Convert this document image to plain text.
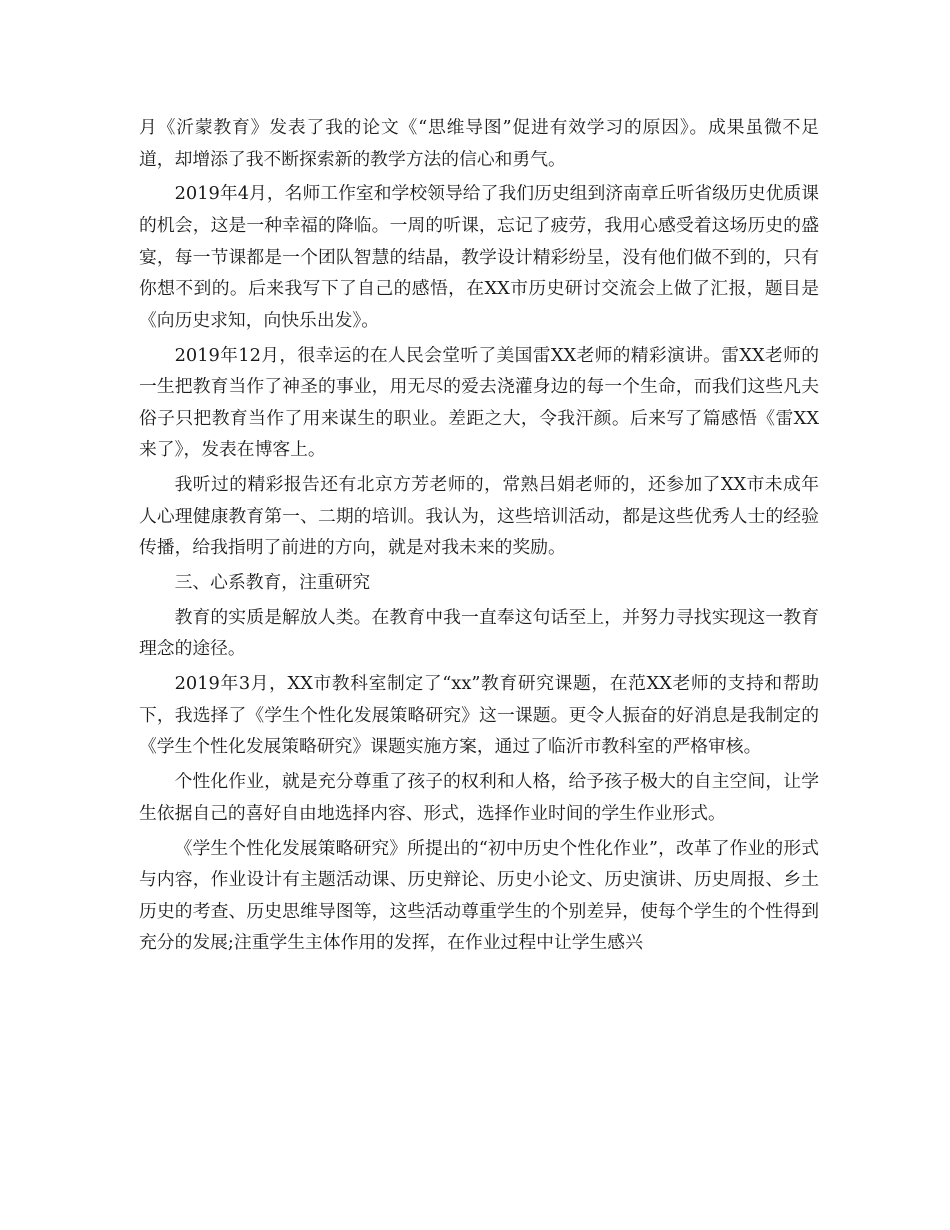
月《沂蒙教育》发表了我的论文《“思维导图”促进有效学习的原因》。成果虽微不足道，却增添了我不断探索新的教学方法的信心和勇气。

2019年4月，名师工作室和学校领导给了我们历史组到济南章丘听省级历史优质课的机会，这是一种幸福的降临。一周的听课，忘记了疲劳，我用心感受着这场历史的盛宴，每一节课都是一个团队智慧的结晶，教学设计精彩纷呈，没有他们做不到的，只有你想不到的。后来我写下了自己的感悟，在XX市历史研讨交流会上做了汇报，题目是《向历史求知，向快乐出发》。

2019年12月，很幸运的在人民会堂听了美国雷XX老师的精彩演讲。雷XX老师的一生把教育当作了神圣的事业，用无尽的爱去浇灌身边的每一个生命，而我们这些凡夫俗子只把教育当作了用来谋生的职业。差距之大，令我汗颜。后来写了篇感悟《雷XX来了》，发表在博客上。

我听过的精彩报告还有北京方芳老师的，常熟吕娟老师的，还参加了XX市未成年人心理健康教育第一、二期的培训。我认为，这些培训活动，都是这些优秀人士的经验传播，给我指明了前进的方向，就是对我未来的奖励。

三、心系教育，注重研究

教育的实质是解放人类。在教育中我一直奉这句话至上，并努力寻找实现这一教育理念的途径。

2019年3月，XX市教科室制定了“xx”教育研究课题，在范XX老师的支持和帮助下，我选择了《学生个性化发展策略研究》这一课题。更令人振奋的好消息是我制定的《学生个性化发展策略研究》课题实施方案，通过了临沂市教科室的严格审核。

个性化作业，就是充分尊重了孩子的权利和人格，给予孩子极大的自主空间，让学生依据自己的喜好自由地选择内容、形式，选择作业时间的学生作业形式。

《学生个性化发展策略研究》所提出的“初中历史个性化作业”，改革了作业的形式与内容，作业设计有主题活动课、历史辩论、历史小论文、历史演讲、历史周报、乡土历史的考查、历史思维导图等，这些活动尊重学生的个别差异，使每个学生的个性得到充分的发展;注重学生主体作用的发挥，在作业过程中让学生感兴
